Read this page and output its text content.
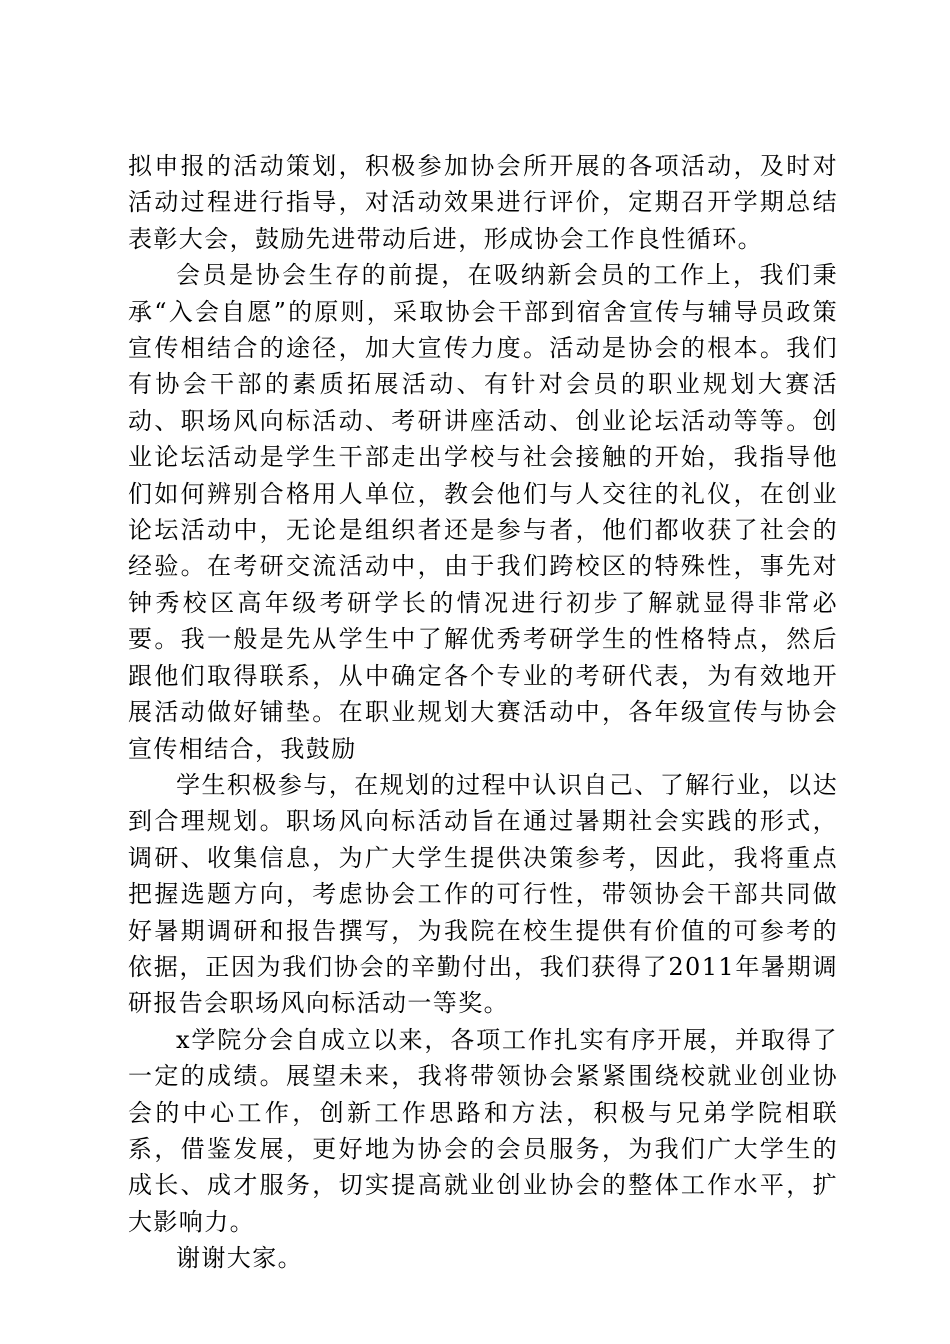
拟申报的活动策划，积极参加协会所开展的各项活动，及时对活动过程进行指导，对活动效果进行评价，定期召开学期总结表彰大会，鼓励先进带动后进，形成协会工作良性循环。

会员是协会生存的前提，在吸纳新会员的工作上，我们秉承“入会自愿”的原则，采取协会干部到宿舍宣传与辅导员政策宣传相结合的途径，加大宣传力度。活动是协会的根本。我们有协会干部的素质拓展活动、有针对会员的职业规划大赛活动、职场风向标活动、考研讲座活动、创业论坛活动等等。创业论坛活动是学生干部走出学校与社会接触的开始，我指导他们如何辨别合格用人单位，教会他们与人交往的礼仪，在创业论坛活动中，无论是组织者还是参与者，他们都收获了社会的经验。在考研交流活动中，由于我们跨校区的特殊性，事先对钟秀校区高年级考研学长的情况进行初步了解就显得非常必要。我一般是先从学生中了解优秀考研学生的性格特点，然后跟他们取得联系，从中确定各个专业的考研代表，为有效地开展活动做好铺垫。在职业规划大赛活动中，各年级宣传与协会宣传相结合，我鼓励

学生积极参与，在规划的过程中认识自己、了解行业，以达到合理规划。职场风向标活动旨在通过暑期社会实践的形式，调研、收集信息，为广大学生提供决策参考，因此，我将重点把握选题方向，考虑协会工作的可行性，带领协会干部共同做好暑期调研和报告撰写，为我院在校生提供有价值的可参考的依据，正因为我们协会的辛勤付出，我们获得了2011年暑期调研报告会职场风向标活动一等奖。

x学院分会自成立以来，各项工作扎实有序开展，并取得了一定的成绩。展望未来，我将带领协会紧紧围绕校就业创业协会的中心工作，创新工作思路和方法，积极与兄弟学院相联系，借鉴发展，更好地为协会的会员服务，为我们广大学生的成长、成才服务，切实提高就业创业协会的整体工作水平，扩大影响力。

谢谢大家。
